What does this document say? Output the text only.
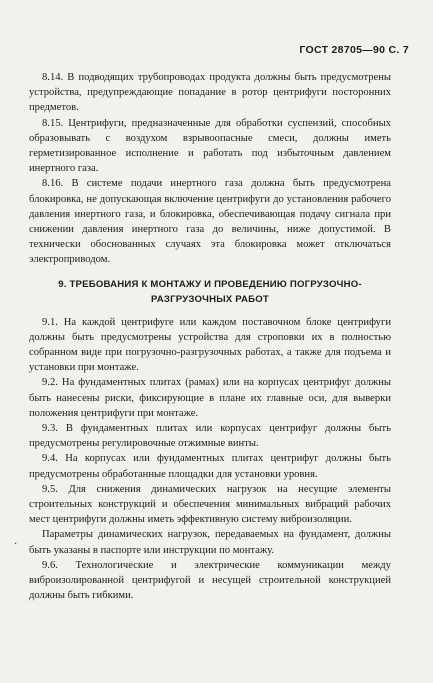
ГОСТ 28705—90 С. 7

8.14. В подводящих трубопроводах продукта должны быть предусмотрены устройства, предупреждающие попадание в ротор центрифуги посторонних предметов.

8.15. Центрифуги, предназначенные для обработки суспензий, способных образовывать с воздухом взрывоопасные смеси, должны иметь герметизированное исполнение и работать под избыточным давлением инертного газа.

8.16. В системе подачи инертного газа должна быть предусмотрена блокировка, не допускающая включение центрифуги до установления рабочего давления инертного газа, и блокировка, обеспечивающая подачу сигнала при снижении давления инертного газа до величины, ниже допустимой. В технически обоснованных случаях эта блокировка может отключаться электроприводом.

9. ТРЕБОВАНИЯ К МОНТАЖУ И ПРОВЕДЕНИЮ ПОГРУЗОЧНО-РАЗГРУЗОЧНЫХ РАБОТ

9.1. На каждой центрифуге или каждом поставочном блоке центрифуги должны быть предусмотрены устройства для строповки их в полностью собранном виде при погрузочно-разгрузочных работах, а также для подъема и установки при монтаже.

9.2. На фундаментных плитах (рамах) или на корпусах центрифуг должны быть нанесены риски, фиксирующие в плане их главные оси, для выверки положения центрифуги при монтаже.

9.3. В фундаментных плитах или корпусах центрифуг должны быть предусмотрены регулировочные отжимные винты.

9.4. На корпусах или фундаментных плитах центрифуг должны быть предусмотрены обработанные площадки для установки уровня.

9.5. Для снижения динамических нагрузок на несущие элементы строительных конструкций и обеспечения минимальных вибраций рабочих мест центрифуги должны иметь эффективную систему виброизоляции.

Параметры динамических нагрузок, передаваемых на фундамент, должны быть указаны в паспорте или инструкции по монтажу.

9.6. Технологические и электрические коммуникации между виброизолированной центрифугой и несущей строительной конструкцией должны быть гибкими.

·
